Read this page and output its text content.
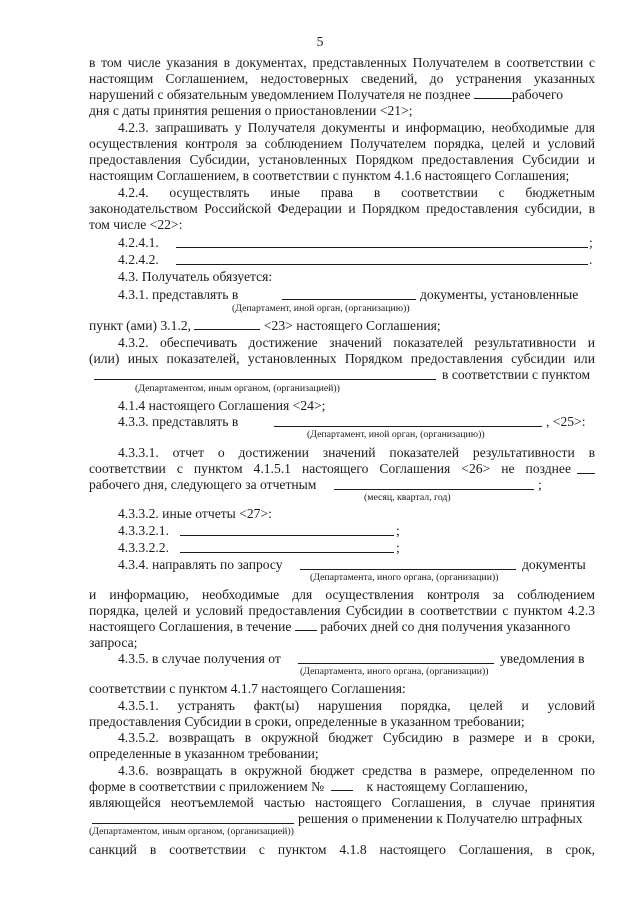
5
в том числе указания в документах, представленных Получателем в соответствии с
настоящим Соглашением, недостоверных сведений, до устранения указанных
нарушений с обязательным уведомлением Получателя не позднее	рабочего
дня с даты принятия решения о приостановлении <21>;
4.2.3. запрашивать у Получателя документы и информацию, необходимые для
осуществления контроля за соблюдением Получателем порядка, целей и условий
предоставления Субсидии, установленных Порядком предоставления Субсидии и
настоящим Соглашением, в соответствии с пунктом 4.1.6 настоящего Соглашения;
4.2.4. осуществлять иные права в соответствии с бюджетным
законодательством Российской Федерации и Порядком предоставления субсидии, в
том числе <22>:
4.2.4.1.	;
4.2.4.2.	.
4.3. Получатель обязуется:
4.3.1. представлять в	документы, установленные
(Департамент, иной орган, (организацию))
пункт (ами) 3.1.2,	<23> настоящего Соглашения;
4.3.2. обеспечивать достижение значений показателей результативности и
(или) иных показателей, установленных Порядком предоставления субсидии или
в соответствии с пунктом
(Департаментом, иным органом, (организацией))
4.1.4 настоящего Соглашения <24>;
4.3.3. представлять в	, <25>:
(Департамент, иной орган, (организацию))
4.3.3.1. отчет о достижении значений показателей результативности в
соответствии с пунктом 4.1.5.1 настоящего Соглашения <26> не позднее
рабочего дня, следующего за отчетным	;
(месяц, квартал, год)
4.3.3.2. иные отчеты <27>:
4.3.3.2.1.	;
4.3.3.2.2.	;
4.3.4. направлять по запросу	документы
(Департамента, иного органа, (организации))
и информацию, необходимые для осуществления контроля за соблюдением
порядка, целей и условий предоставления Субсидии в соответствии с пунктом 4.2.3
настоящего Соглашения, в течение рабочих дней со дня получения указанного
запроса;
4.3.5. в случае получения от	уведомления в
(Департамента, иного органа, (организации))
соответствии с пунктом 4.1.7 настоящего Соглашения:
4.3.5.1. устранять факт(ы) нарушения порядка, целей и условий
предоставления Субсидии в сроки, определенные в указанном требовании;
4.3.5.2. возвращать в окружной бюджет Субсидию в размере и в сроки,
определенные в указанном требовании;
4.3.6. возвращать в окружной бюджет средства в размере, определенном по
форме в соответствии с приложением №	к настоящему Соглашению,
являющейся неотъемлемой частью настоящего Соглашения, в случае принятия
решения о применении к Получателю штрафных
(Департаментом, иным органом, (организацией))
санкций в соответствии с пунктом 4.1.8 настоящего Соглашения, в срок,
